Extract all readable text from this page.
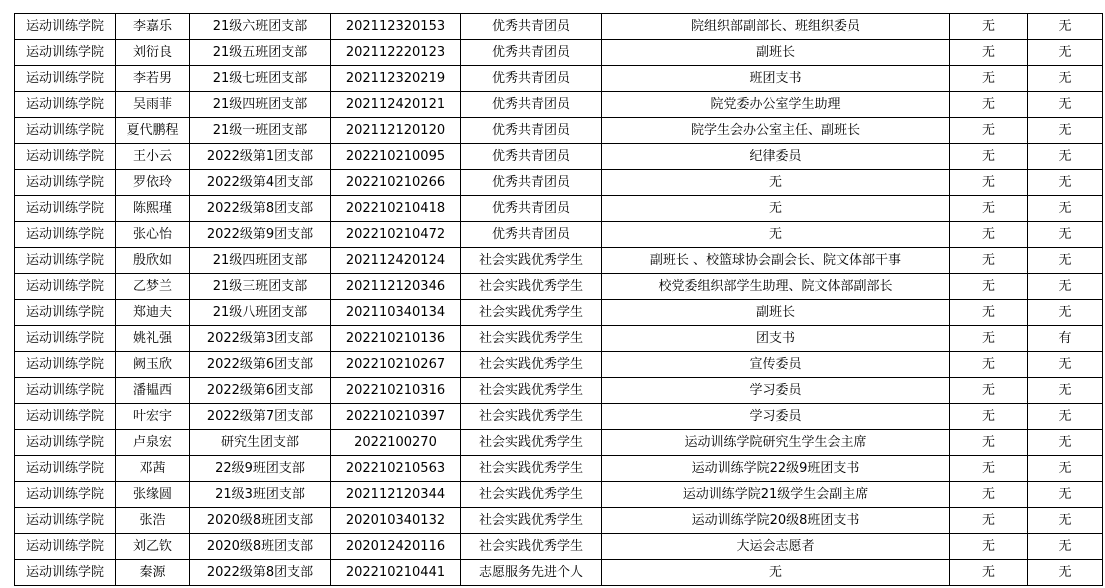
运动训练学院	李嘉乐	21级六班团支部	202112320153	优秀共青团员	院组织部副部长、班组织委员	无	无
运动训练学院	刘衍良	21级五班团支部	202112220123	优秀共青团员	副班长	无	无
运动训练学院	李若男	21级七班团支部	202112320219	优秀共青团员	班团支书	无	无
运动训练学院	吴雨菲	21级四班团支部	202112420121	优秀共青团员	院党委办公室学生助理	无	无
运动训练学院	夏代鹏程	21级一班团支部	202112120120	优秀共青团员	院学生会办公室主任、副班长	无	无
运动训练学院	王小云	2022级第1团支部	202210210095	优秀共青团员	纪律委员	无	无
运动训练学院	罗依玲	2022级第4团支部	202210210266	优秀共青团员	无	无	无
运动训练学院	陈熙瑾	2022级第8团支部	202210210418	优秀共青团员	无	无	无
运动训练学院	张心怡	2022级第9团支部	202210210472	优秀共青团员	无	无	无
运动训练学院	殷欣如	21级四班团支部	202112420124	社会实践优秀学生	副班长 、校篮球协会副会长、院文体部干事	无	无
运动训练学院	乙梦兰	21级三班团支部	202112120346	社会实践优秀学生	校党委组织部学生助理、院文体部副部长	无	无
运动训练学院	郑迪夫	21级八班团支部	202110340134	社会实践优秀学生	副班长	无	无
运动训练学院	姚礼强	2022级第3团支部	202210210136	社会实践优秀学生	团支书	无	有
运动训练学院	阙玉欣	2022级第6团支部	202210210267	社会实践优秀学生	宣传委员	无	无
运动训练学院	潘韫西	2022级第6团支部	202210210316	社会实践优秀学生	学习委员	无	无
运动训练学院	叶宏宇	2022级第7团支部	202210210397	社会实践优秀学生	学习委员	无	无
运动训练学院	卢泉宏	研究生团支部	2022100270	社会实践优秀学生	运动训练学院研究生学生会主席	无	无
运动训练学院	邓茜	22级9班团支部	202210210563	社会实践优秀学生	运动训练学院22级9班团支书	无	无
运动训练学院	张缘圆	21级3班团支部	202112120344	社会实践优秀学生	运动训练学院21级学生会副主席	无	无
运动训练学院	张浩	2020级8班团支部	202010340132	社会实践优秀学生	运动训练学院20级8班团支书	无	无
运动训练学院	刘乙钦	2020级8班团支部	202012420116	社会实践优秀学生	大运会志愿者	无	无
运动训练学院	秦源	2022级第8团支部	202210210441	志愿服务先进个人	无	无	无
